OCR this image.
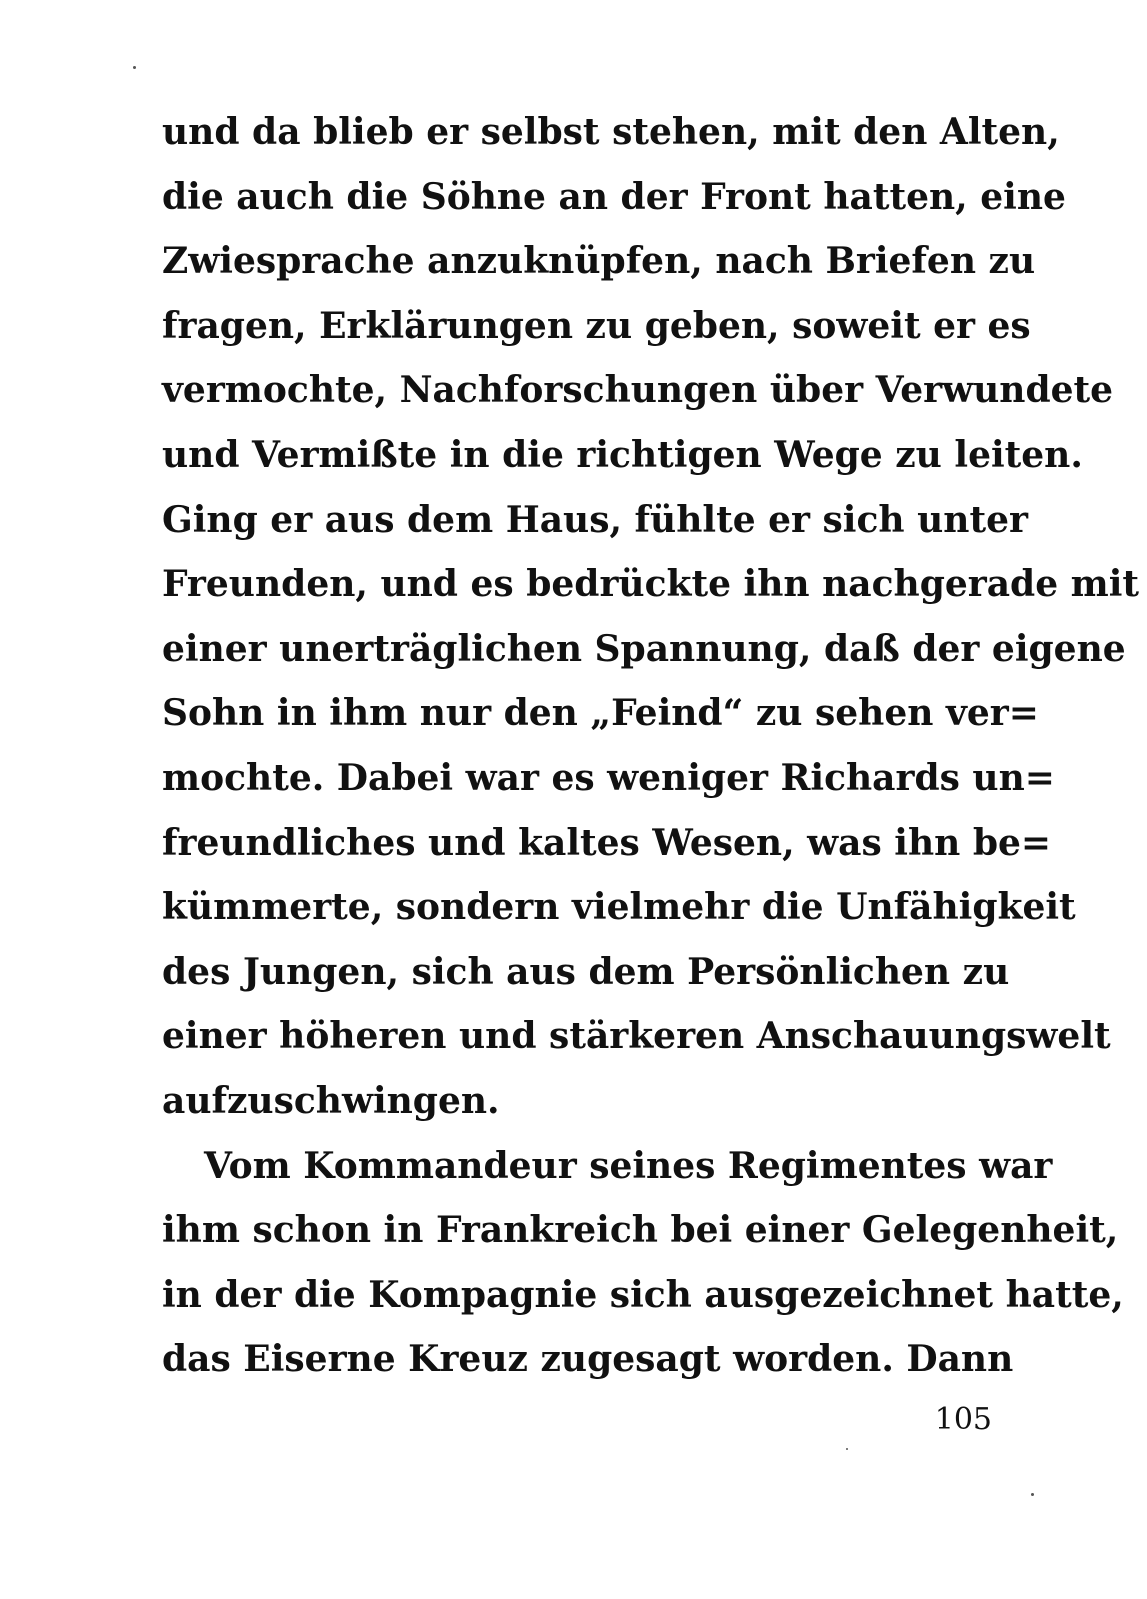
und da blieb er selbst stehen, mit den Alten,
die auch die Söhne an der Front hatten, eine
Zwiesprache anzuknüpfen, nach Briefen zu
fragen, Erklärungen zu geben, soweit er es
vermochte, Nachforschungen über Verwundete
und Vermißte in die richtigen Wege zu leiten.
Ging er aus dem Haus, fühlte er sich unter
Freunden, und es bedrückte ihn nachgerade mit
einer unerträglichen Spannung, daß der eigene
Sohn in ihm nur den „Feind“ zu sehen ver=
mochte. Dabei war es weniger Richards un=
freundliches und kaltes Wesen, was ihn be=
kümmerte, sondern vielmehr die Unfähigkeit
des Jungen, sich aus dem Persönlichen zu
einer höheren und stärkeren Anschauungswelt
aufzuschwingen.
Vom Kommandeur seines Regimentes war
ihm schon in Frankreich bei einer Gelegenheit,
in der die Kompagnie sich ausgezeichnet hatte,
das Eiserne Kreuz zugesagt worden. Dann
105
